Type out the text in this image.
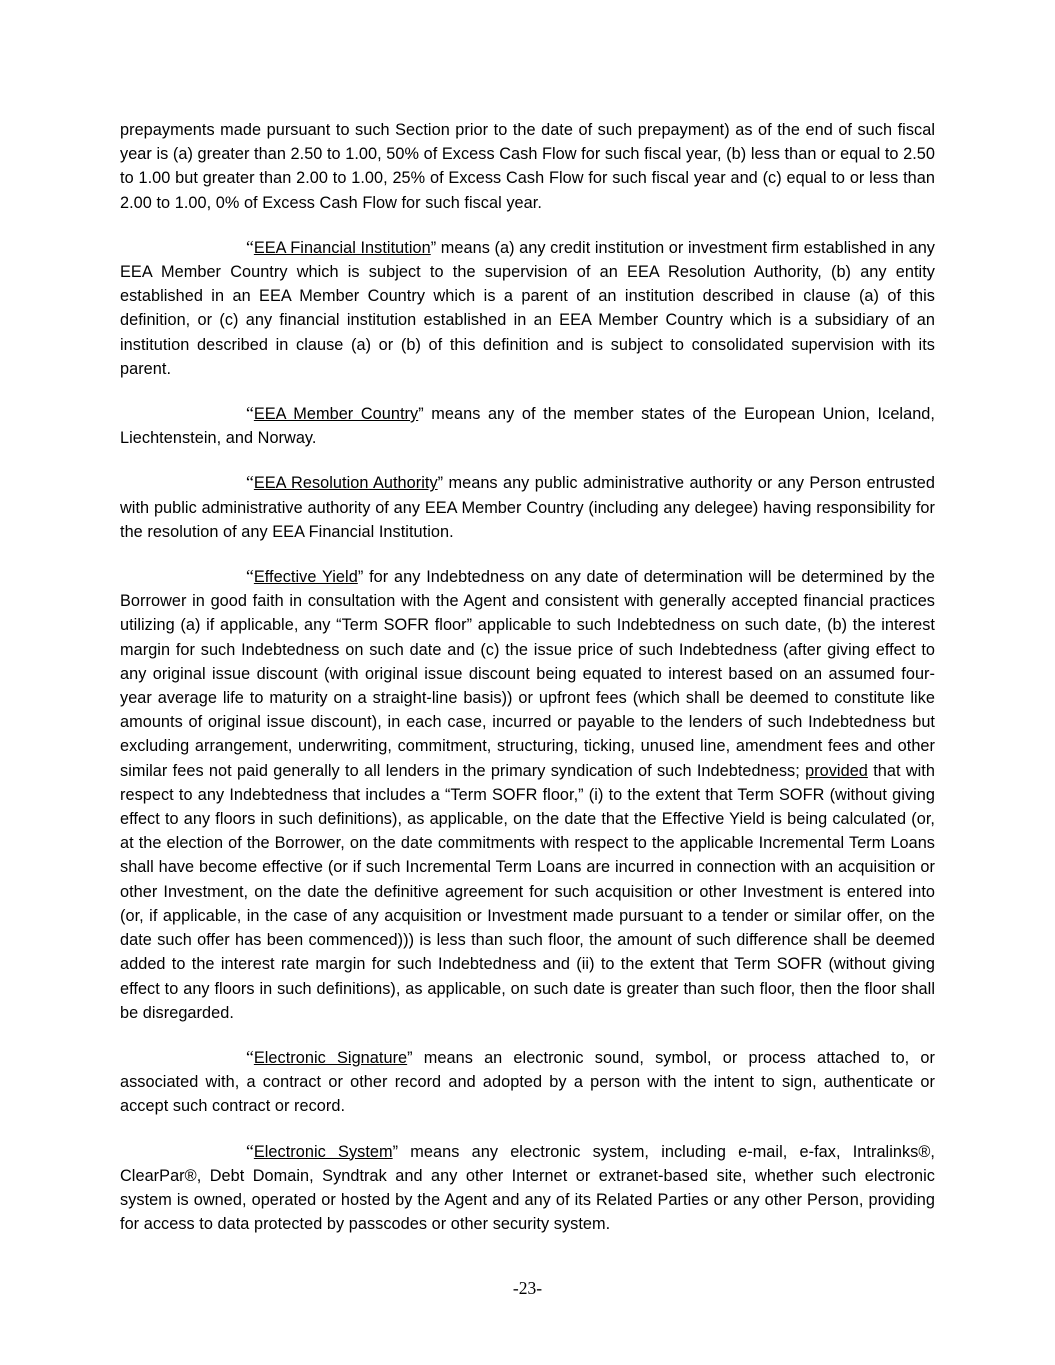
prepayments made pursuant to such Section prior to the date of such prepayment) as of the end of such fiscal year is (a) greater than 2.50 to 1.00, 50% of Excess Cash Flow for such fiscal year, (b) less than or equal to 2.50 to 1.00 but greater than 2.00 to 1.00, 25% of Excess Cash Flow for such fiscal year and (c) equal to or less than 2.00 to 1.00, 0% of Excess Cash Flow for such fiscal year.

“EEA Financial Institution” means (a) any credit institution or investment firm established in any EEA Member Country which is subject to the supervision of an EEA Resolution Authority, (b) any entity established in an EEA Member Country which is a parent of an institution described in clause (a) of this definition, or (c) any financial institution established in an EEA Member Country which is a subsidiary of an institution described in clause (a) or (b) of this definition and is subject to consolidated supervision with its parent.

“EEA Member Country” means any of the member states of the European Union, Iceland, Liechtenstein, and Norway.

“EEA Resolution Authority” means any public administrative authority or any Person entrusted with public administrative authority of any EEA Member Country (including any delegee) having responsibility for the resolution of any EEA Financial Institution.

“Effective Yield” for any Indebtedness on any date of determination will be determined by the Borrower in good faith in consultation with the Agent and consistent with generally accepted financial practices utilizing (a) if applicable, any “Term SOFR floor” applicable to such Indebtedness on such date, (b) the interest margin for such Indebtedness on such date and (c) the issue price of such Indebtedness (after giving effect to any original issue discount (with original issue discount being equated to interest based on an assumed four-year average life to maturity on a straight-line basis)) or upfront fees (which shall be deemed to constitute like amounts of original issue discount), in each case, incurred or payable to the lenders of such Indebtedness but excluding arrangement, underwriting, commitment, structuring, ticking, unused line, amendment fees and other similar fees not paid generally to all lenders in the primary syndication of such Indebtedness; provided that with respect to any Indebtedness that includes a “Term SOFR floor,” (i) to the extent that Term SOFR (without giving effect to any floors in such definitions), as applicable, on the date that the Effective Yield is being calculated (or, at the election of the Borrower, on the date commitments with respect to the applicable Incremental Term Loans shall have become effective (or if such Incremental Term Loans are incurred in connection with an acquisition or other Investment, on the date the definitive agreement for such acquisition or other Investment is entered into (or, if applicable, in the case of any acquisition or Investment made pursuant to a tender or similar offer, on the date such offer has been commenced))) is less than such floor, the amount of such difference shall be deemed added to the interest rate margin for such Indebtedness and (ii) to the extent that Term SOFR (without giving effect to any floors in such definitions), as applicable, on such date is greater than such floor, then the floor shall be disregarded.

“Electronic Signature” means an electronic sound, symbol, or process attached to, or associated with, a contract or other record and adopted by a person with the intent to sign, authenticate or accept such contract or record.

“Electronic System” means any electronic system, including e-mail, e-fax, Intralinks®, ClearPar®, Debt Domain, Syndtrak and any other Internet or extranet-based site, whether such electronic system is owned, operated or hosted by the Agent and any of its Related Parties or any other Person, providing for access to data protected by passcodes or other security system.

-23-
